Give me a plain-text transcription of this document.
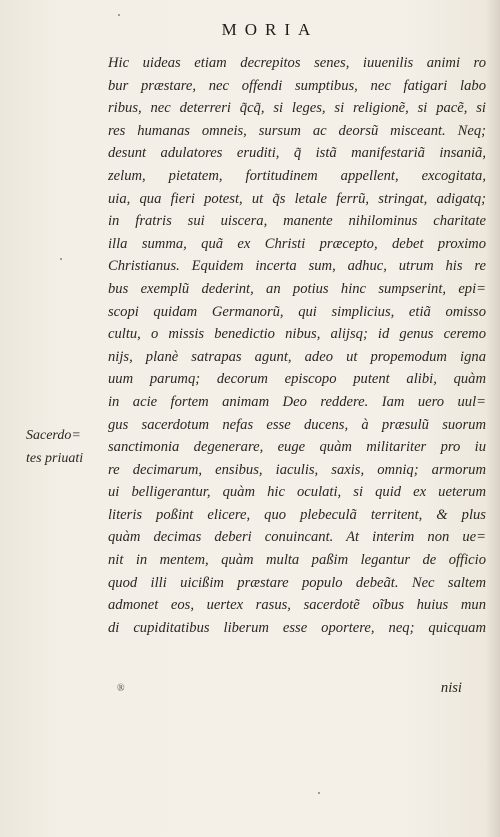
MORIA
Hic uideas etiam decrepitos senes, iuuenilis animi ro
bur præstare, nec offendi sumptibus, nec fatigari labo
ribus, nec deterreri q̃cq̃, si leges, si religionẽ, si pacẽ, si
res humanas omneis, sursum ac deorsũ misceant. Neq;
desunt adulatores eruditi, q̃ istã manifestariã insaniã,
zelum, pietatem, fortitudinem appellent, excogitata,
uia, qua fieri potest, ut q̃s letale ferrũ, stringat, adigatq;
in fratris sui uiscera, manente nihilominus charitate
illa summa, quã ex Christi præcepto, debet proximo
Christianus. Equidem incerta sum, adhuc, utrum his re
bus exemplũ dederint, an potius hinc sumpserint, epi=
scopi quidam Germanorũ, qui simplicius, etiã omisso
cultu, o missis benedictio nibus, alijsq; id genus ceremo
nijs, planè satrapas agunt, adeo ut propemodum igna
uum parumq; decorum episcopo putent alibi, quàm
in acie fortem animam Deo reddere. Iam uero uul=
gus sacerdotum nefas esse ducens, à præsulũ suorum
sanctimonia degenerare, euge quàm militariter pro iu
re decimarum, ensibus, iaculis, saxis, omniq; armorum
ui belligerantur, quàm hic oculati, si quid ex ueterum
literis poßint elicere, quo plebeculã territent, & plus
quàm decimas deberi conuincant. At interim non ue=
nit in mentem, quàm multa paßim legantur de officio
quod illi uicißim præstare populo debeãt. Nec saltem
admonet eos, uertex rasus, sacerdotẽ oĩbus huius mun
di cupiditatibus liberum esse oportere, neq; quicquam
Sacerdo=
tes priuati
®	nisi
